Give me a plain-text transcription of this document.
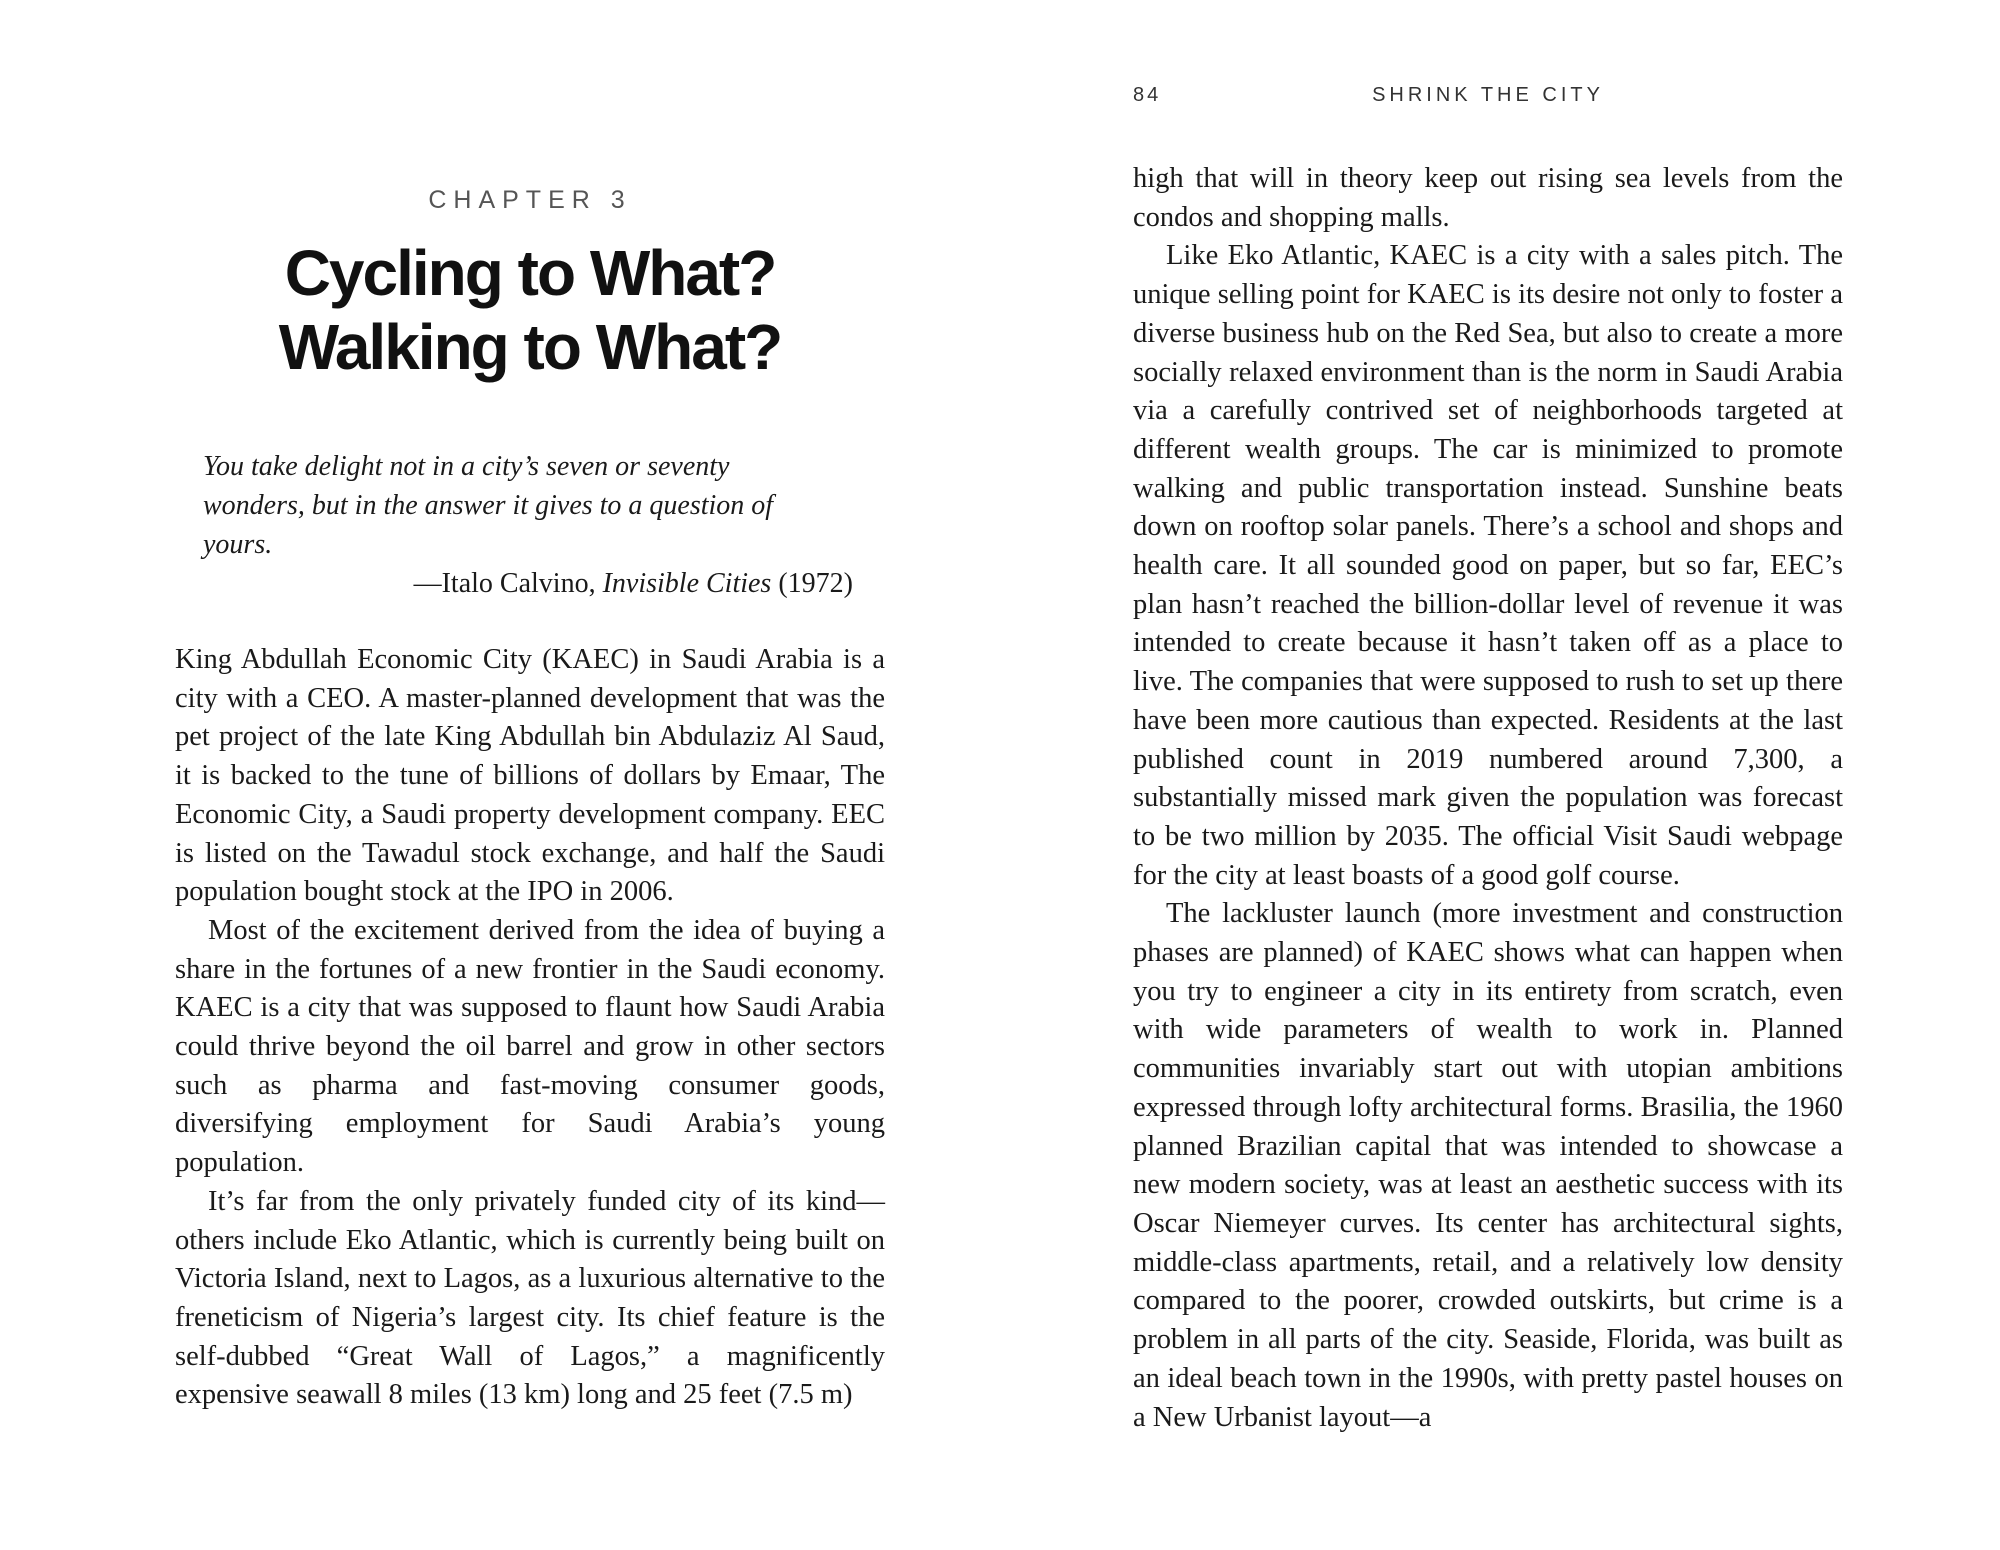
CHAPTER 3
Cycling to What?
Walking to What?

You take delight not in a city’s seven or seventy wonders, but in the answer it gives to a question of yours.

—Italo Calvino, Invisible Cities (1972)

King Abdullah Economic City (KAEC) in Saudi Arabia is a city with a CEO. A master-planned development that was the pet project of the late King Abdullah bin Abdulaziz Al Saud, it is backed to the tune of billions of dollars by Emaar, The Economic City, a Saudi property development company. EEC is listed on the Tawadul stock exchange, and half the Saudi population bought stock at the IPO in 2006.

Most of the excitement derived from the idea of buying a share in the fortunes of a new frontier in the Saudi economy. KAEC is a city that was supposed to flaunt how Saudi Arabia could thrive beyond the oil barrel and grow in other sectors such as pharma and fast-moving consumer goods, diversifying employment for Saudi Arabia’s young population.

It’s far from the only privately funded city of its kind—others include Eko Atlantic, which is currently being built on Victoria Island, next to Lagos, as a luxurious alternative to the freneticism of Nigeria’s largest city. Its chief feature is the self-dubbed “Great Wall of Lagos,” a magnificently expensive seawall 8 miles (13 km) long and 25 feet (7.5 m)

84	SHRINK THE CITY

high that will in theory keep out rising sea levels from the condos and shopping malls.

Like Eko Atlantic, KAEC is a city with a sales pitch. The unique selling point for KAEC is its desire not only to foster a diverse business hub on the Red Sea, but also to create a more socially relaxed environment than is the norm in Saudi Arabia via a carefully contrived set of neighborhoods targeted at different wealth groups. The car is minimized to promote walking and public transportation instead. Sunshine beats down on rooftop solar panels. There’s a school and shops and health care. It all sounded good on paper, but so far, EEC’s plan hasn’t reached the billion-dollar level of revenue it was intended to create because it hasn’t taken off as a place to live. The companies that were supposed to rush to set up there have been more cautious than expected. Residents at the last published count in 2019 numbered around 7,300, a substantially missed mark given the population was forecast to be two million by 2035. The official Visit Saudi webpage for the city at least boasts of a good golf course.

The lackluster launch (more investment and construction phases are planned) of KAEC shows what can happen when you try to engineer a city in its entirety from scratch, even with wide parameters of wealth to work in. Planned communities invariably start out with utopian ambitions expressed through lofty architectural forms. Brasilia, the 1960 planned Brazilian capital that was intended to showcase a new modern society, was at least an aesthetic success with its Oscar Niemeyer curves. Its center has architectural sights, middle-class apartments, retail, and a relatively low density compared to the poorer, crowded outskirts, but crime is a problem in all parts of the city. Seaside, Florida, was built as an ideal beach town in the 1990s, with pretty pastel houses on a New Urbanist layout—a
